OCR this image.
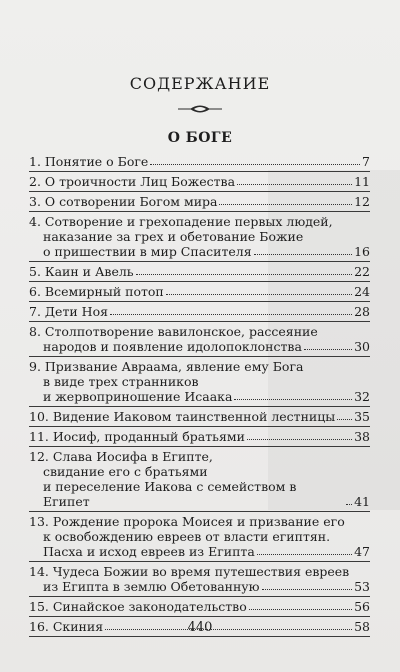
СОДЕРЖАНИЕ
О БОГЕ
1. Понятие о Боге	7
2. О троичности Лиц Божества	11
3. О сотворении Богом мира	12
4. Сотворение и грехопадение первых людей,
наказание за грех и обетование Божие
о пришествии в мир Спасителя	16
5. Каин и Авель	22
6. Всемирный потоп	24
7. Дети Ноя	28
8. Столпотворение вавилонское, рассеяние
народов и появление идолопоклонства	30
9. Призвание Авраама, явление ему Бога
в виде трех странников
и жервоприношение Исаака	32
10. Видение Иаковом таинственной лестницы 35
11. Иосиф, проданный братьями	38
12. Слава Иосифа в Египте,
свидание его с братьями
и переселение Иакова с семейством в Египет	41
13. Рождение пророка Моисея и призвание его
к освобождению евреев от власти египтян.
Пасха и исход евреев из Египта	47
14. Чудеса Божии во время путешествия евреев
из Египта в землю Обетованную	53
15. Синайское законодательство	56
16. Скиния	58
440
